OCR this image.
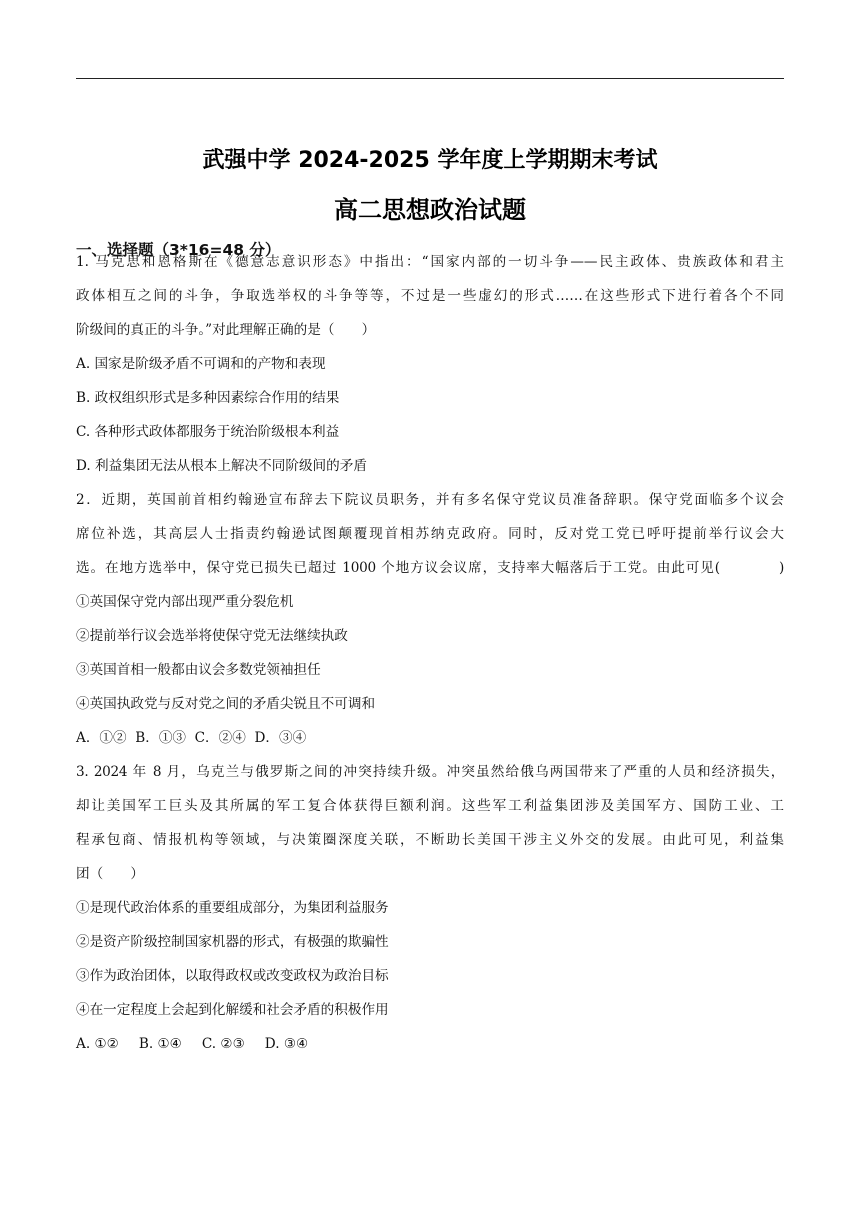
武强中学 2024-2025 学年度上学期期末考试
高二思想政治试题
一、选择题（3*16=48 分）
1. 马克思和恩格斯在《德意志意识形态》中指出：“国家内部的一切斗争——民主政体、贵族政体和君主
政体相互之间的斗争，争取选举权的斗争等等，不过是一些虚幻的形式……在这些形式下进行着各个不同
阶级间的真正的斗争。”对此理解正确的是（　　）
A. 国家是阶级矛盾不可调和的产物和表现
B. 政权组织形式是多种因素综合作用的结果
C. 各种形式政体都服务于统治阶级根本利益
D. 利益集团无法从根本上解决不同阶级间的矛盾
2．近期，英国前首相约翰逊宣布辞去下院议员职务，并有多名保守党议员准备辞职。保守党面临多个议会
席位补选，其高层人士指责约翰逊试图颠覆现首相苏纳克政府。同时，反对党工党已呼吁提前举行议会大
选。在地方选举中，保守党已损失已超过 1000 个地方议会议席，支持率大幅落后于工党。由此可见(　　　　)
①英国保守党内部出现严重分裂危机
②提前举行议会选举将使保守党无法继续执政
③英国首相一般都由议会多数党领袖担任
④英国执政党与反对党之间的矛盾尖锐且不可调和
A．①②  B．①③  C．②④  D．③④
3. 2024 年 8 月，乌克兰与俄罗斯之间的冲突持续升级。冲突虽然给俄乌两国带来了严重的人员和经济损失，
却让美国军工巨头及其所属的军工复合体获得巨额利润。这些军工利益集团涉及美国军方、国防工业、工
程承包商、情报机构等领域，与决策圈深度关联，不断助长美国干涉主义外交的发展。由此可见，利益集
团（　　）
①是现代政治体系的重要组成部分，为集团利益服务
②是资产阶级控制国家机器的形式，有极强的欺骗性
③作为政治团体，以取得政权或改变政权为政治目标
④在一定程度上会起到化解缓和社会矛盾的积极作用
A. ①② B. ①④ C. ②③ D. ③④
